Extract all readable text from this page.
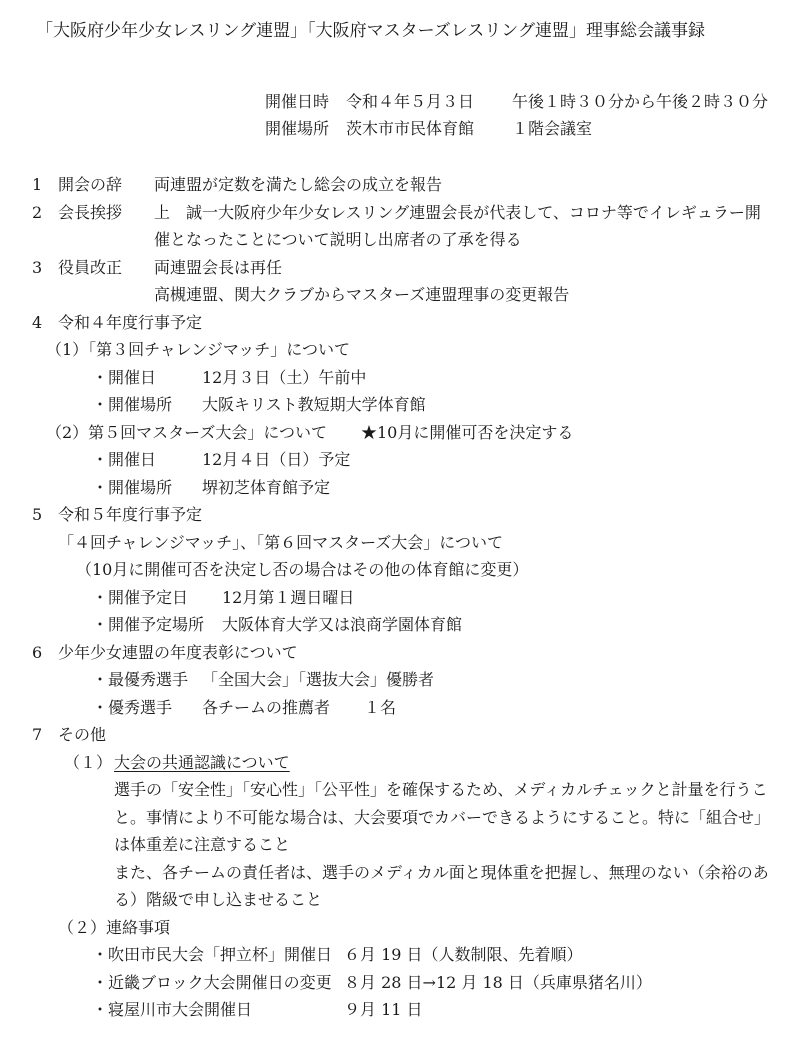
「大阪府少年少女レスリング連盟」「大阪府マスターズレスリング連盟」理事総会議事録
開催日時 令和４年５月３日 午後１時３０分から午後２時３０分
開催場所 茨木市市民体育館 １階会議室
1 開会の辞 両連盟が定数を満たし総会の成立を報告
2 会長挨拶 上　誠一大阪府少年少女レスリング連盟会長が代表して、コロナ等でイレギュラー開
催となったことについて説明し出席者の了承を得る
3 役員改正 両連盟会長は再任
高槻連盟、関大クラブからマスターズ連盟理事の変更報告
4 令和４年度行事予定
（1）「第３回チャレンジマッチ」について
・開催日	12月３日（土）午前中
・開催場所 大阪キリスト教短期大学体育館
（2）第５回マスターズ大会」について ★10月に開催可否を決定する
・開催日	12月４日（日）予定
・開催場所 堺初芝体育館予定
5 令和５年度行事予定
「４回チャレンジマッチ」、「第６回マスターズ大会」について
（10月に開催可否を決定し否の場合はその他の体育館に変更）
・開催予定日 12月第１週日曜日
・開催予定場所 大阪体育大学又は浪商学園体育館
6 少年少女連盟の年度表彰について
・最優秀選手 「全国大会」「選抜大会」優勝者
・優秀選手 各チームの推薦者 １名
7 その他
（１） 大会の共通認識について
選手の「安全性」「安心性」「公平性」を確保するため、メディカルチェックと計量を行うこ
と。事情により不可能な場合は、大会要項でカバーできるようにすること。特に「組合せ」
は体重差に注意すること
また、各チームの責任者は、選手のメディカル面と現体重を把握し、無理のない（余裕のあ
る）階級で申し込ませること
（２）連絡事項
・吹田市民大会「押立杯」開催日 ６月 19 日（人数制限、先着順）
・近畿ブロック大会開催日の変更 ８月 28 日→12 月 18 日（兵庫県猪名川）
・寝屋川市大会開催日	９月 11 日
